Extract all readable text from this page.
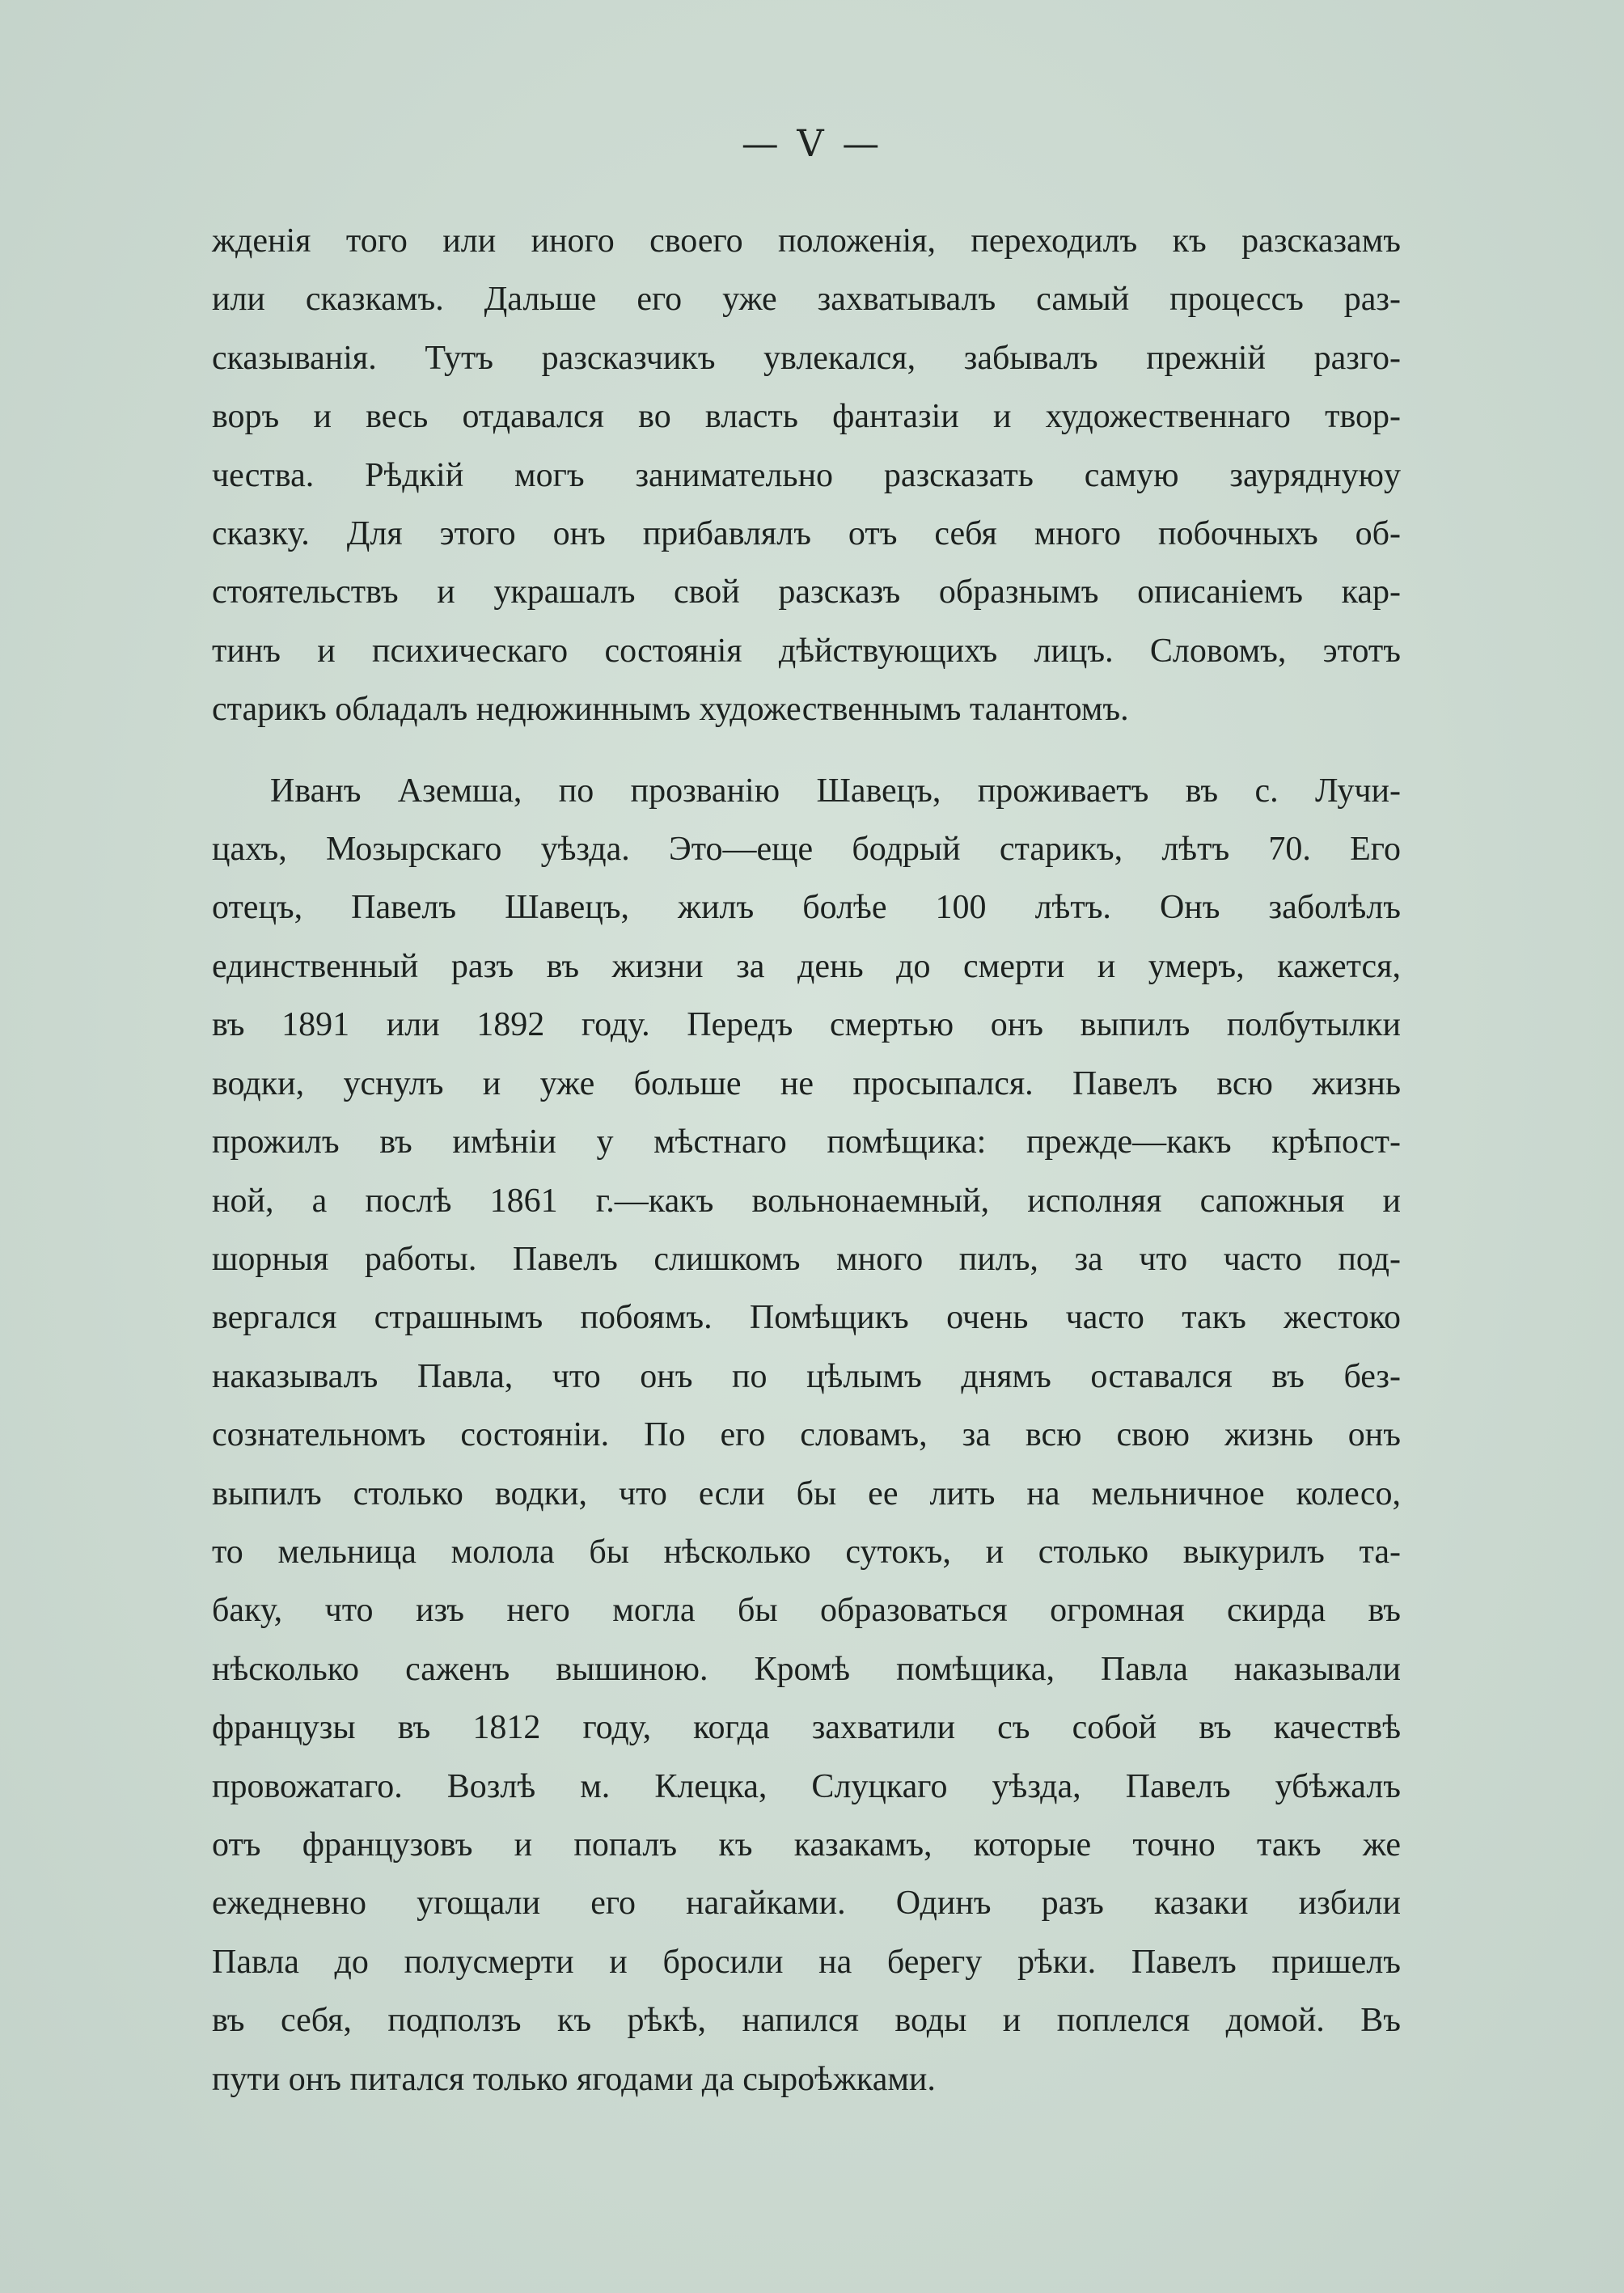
— V —
жденія того или иного своего положенія, переходилъ къ разсказамъ
или сказкамъ. Дальше его уже захватывалъ самый процессъ раз-
сказыванія. Тутъ разсказчикъ увлекался, забывалъ прежній разго-
воръ и весь отдавался во власть фантазіи и художественнаго твор-
чества. Рѣдкій могъ занимательно разсказать самую зауряднуюу
сказку. Для этого онъ прибавлялъ отъ себя много побочныхъ об-
стоятельствъ и украшалъ свой разсказъ образнымъ описаніемъ кар-
тинъ и психическаго состоянія дѣйствующихъ лицъ. Словомъ, этотъ
старикъ обладалъ недюжиннымъ художественнымъ талантомъ.
Иванъ Аземша, по прозванію Шавецъ, проживаетъ въ с. Лучи-
цахъ, Мозырскаго уѣзда. Это—еще бодрый старикъ, лѣтъ 70. Его
отецъ, Павелъ Шавецъ, жилъ болѣе 100 лѣтъ. Онъ заболѣлъ
единственный разъ въ жизни за день до смерти и умеръ, кажется,
въ 1891 или 1892 году. Передъ смертью онъ выпилъ полбутылки
водки, уснулъ и уже больше не просыпался. Павелъ всю жизнь
прожилъ въ имѣніи у мѣстнаго помѣщика: прежде—какъ крѣпост-
ной, а послѣ 1861 г.—какъ вольнонаемный, исполняя сапожныя и
шорныя работы. Павелъ слишкомъ много пилъ, за что часто под-
вергался страшнымъ побоямъ. Помѣщикъ очень часто такъ жестоко
наказывалъ Павла, что онъ по цѣлымъ днямъ оставался въ без-
сознательномъ состояніи. По его словамъ, за всю свою жизнь онъ
выпилъ столько водки, что если бы ее лить на мельничное колесо,
то мельница молола бы нѣсколько сутокъ, и столько выкурилъ та-
баку, что изъ него могла бы образоваться огромная скирда въ
нѣсколько саженъ вышиною. Кромѣ помѣщика, Павла наказывали
французы въ 1812 году, когда захватили съ собой въ качествѣ
провожатаго. Возлѣ м. Клецка, Слуцкаго уѣзда, Павелъ убѣжалъ
отъ французовъ и попалъ къ казакамъ, которые точно такъ же
ежедневно угощали его нагайками. Одинъ разъ казаки избили
Павла до полусмерти и бросили на берегу рѣки. Павелъ пришелъ
въ себя, подползъ къ рѣкѣ, напился воды и поплелся домой. Въ
пути онъ питался только ягодами да сыроѣжками.
